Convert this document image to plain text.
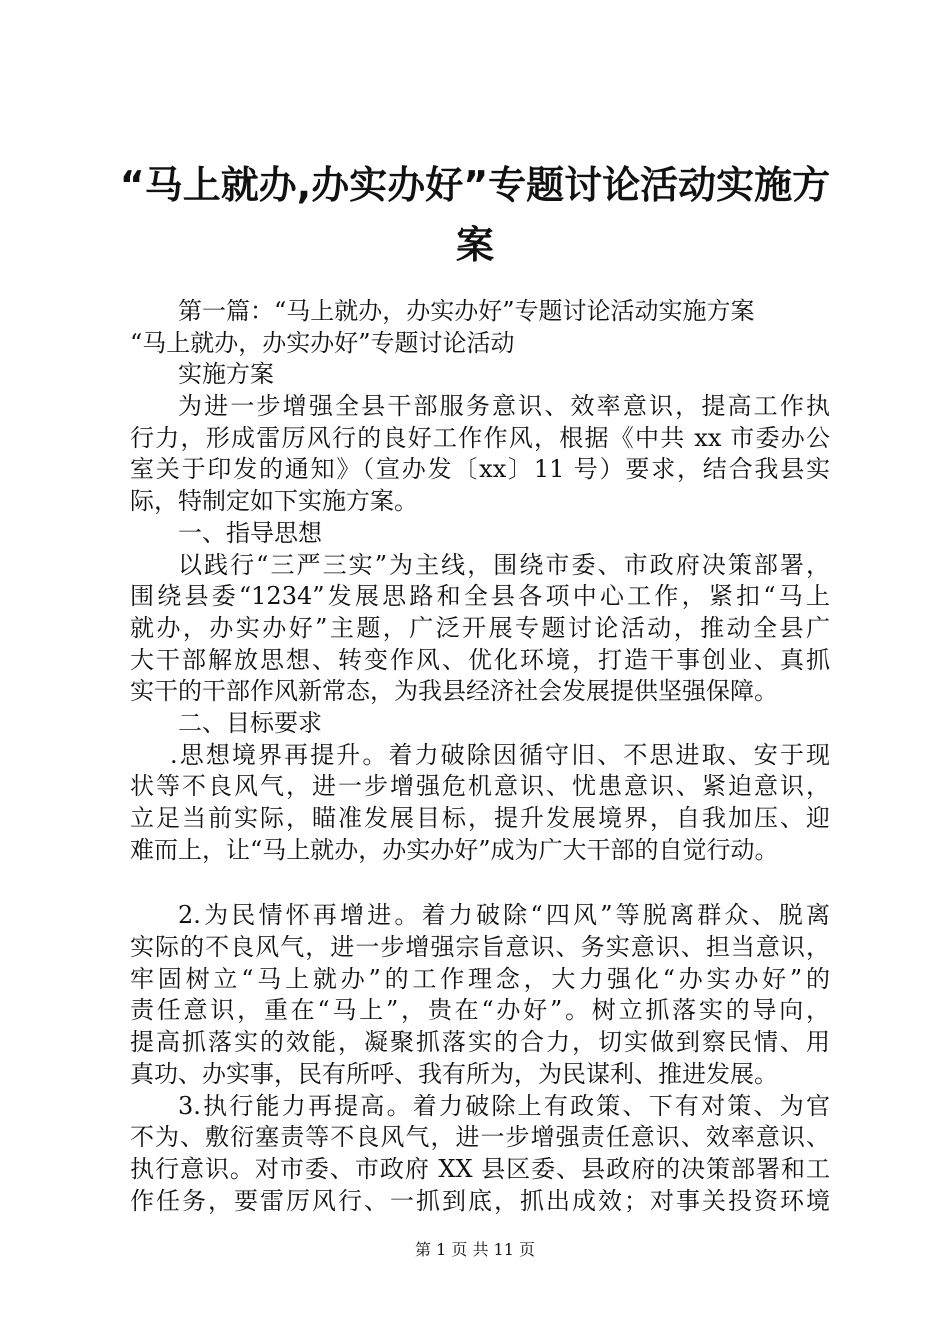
“马上就办,办实办好”专题讨论活动实施方
案
第一篇：“马上就办，办实办好”专题讨论活动实施方案
“马上就办，办实办好”专题讨论活动
实施方案
为进一步增强全县干部服务意识、效率意识，提高工作执
行力，形成雷厉风行的良好工作作风，根据《中共 xx 市委办公
室关于印发的通知》（宣办发〔xx〕11 号）要求，结合我县实
际，特制定如下实施方案。
一、指导思想
以践行“三严三实”为主线，围绕市委、市政府决策部署，
围绕县委“1234”发展思路和全县各项中心工作，紧扣“马上
就办，办实办好”主题，广泛开展专题讨论活动，推动全县广
大干部解放思想、转变作风、优化环境，打造干事创业、真抓
实干的干部作风新常态，为我县经济社会发展提供坚强保障。
二、目标要求
.思想境界再提升。着力破除因循守旧、不思进取、安于现
状等不良风气，进一步增强危机意识、忧患意识、紧迫意识，
立足当前实际，瞄准发展目标，提升发展境界，自我加压、迎
难而上，让“马上就办，办实办好”成为广大干部的自觉行动。
2.为民情怀再增进。着力破除“四风”等脱离群众、脱离
实际的不良风气，进一步增强宗旨意识、务实意识、担当意识，
牢固树立“马上就办”的工作理念，大力强化“办实办好”的
责任意识，重在“马上”，贵在“办好”。树立抓落实的导向，
提高抓落实的效能，凝聚抓落实的合力，切实做到察民情、用
真功、办实事，民有所呼、我有所为，为民谋利、推进发展。
3.执行能力再提高。着力破除上有政策、下有对策、为官
不为、敷衍塞责等不良风气，进一步增强责任意识、效率意识、
执行意识。对市委、市政府 XX 县区委、县政府的决策部署和工
作任务，要雷厉风行、一抓到底，抓出成效；对事关投资环境
第 1 页 共 11 页
